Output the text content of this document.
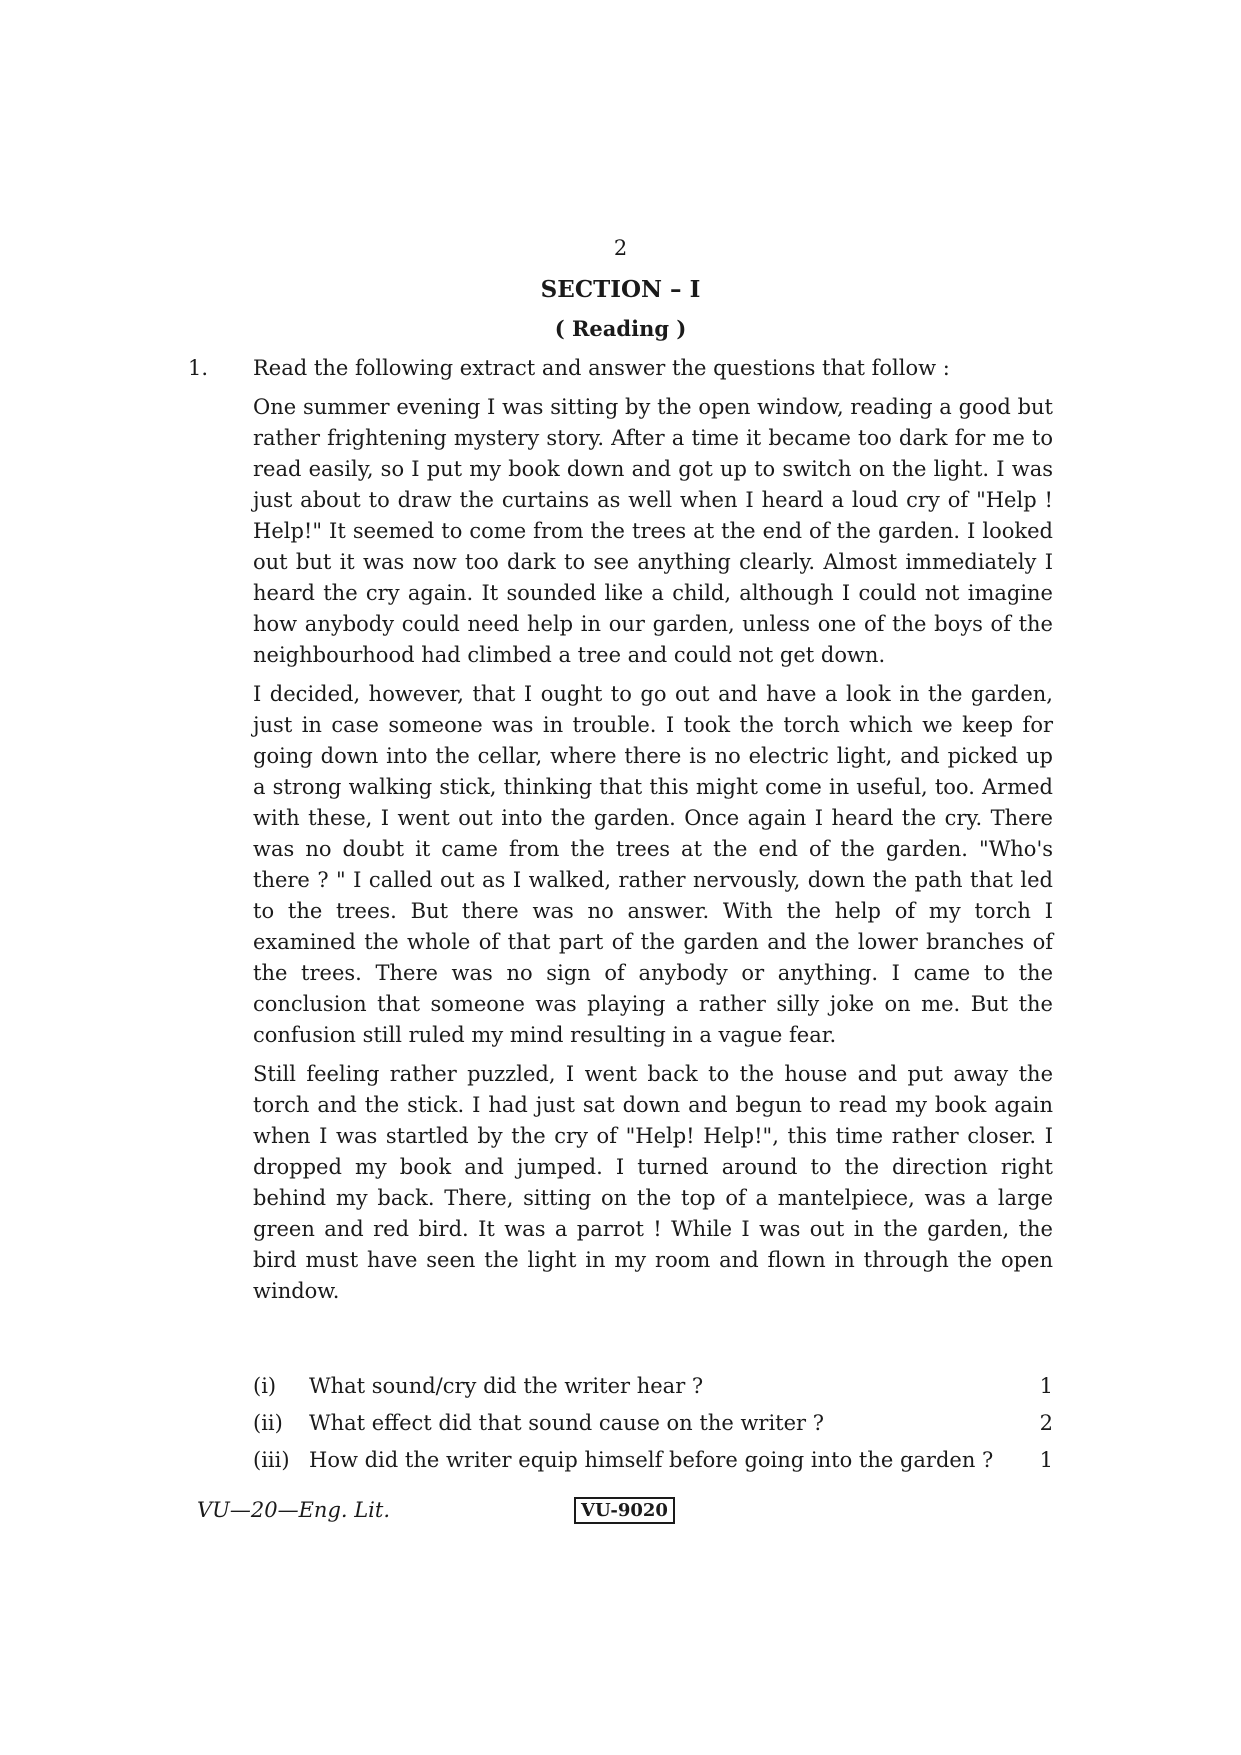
2
SECTION – I
( Reading )
1. Read the following extract and answer the questions that follow :

One summer evening I was sitting by the open window, reading a good but rather frightening mystery story. After a time it became too dark for me to read easily, so I put my book down and got up to switch on the light. I was just about to draw the curtains as well when I heard a loud cry of "Help ! Help!" It seemed to come from the trees at the end of the garden. I looked out but it was now too dark to see anything clearly. Almost immediately I heard the cry again. It sounded like a child, although I could not imagine how anybody could need help in our garden, unless one of the boys of the neighbourhood had climbed a tree and could not get down.

I decided, however, that I ought to go out and have a look in the garden, just in case someone was in trouble. I took the torch which we keep for going down into the cellar, where there is no electric light, and picked up a strong walking stick, thinking that this might come in useful, too. Armed with these, I went out into the garden. Once again I heard the cry. There was no doubt it came from the trees at the end of the garden. "Who's there ? " I called out as I walked, rather nervously, down the path that led to the trees. But there was no answer. With the help of my torch I examined the whole of that part of the garden and the lower branches of the trees. There was no sign of anybody or anything. I came to the conclusion that someone was playing a rather silly joke on me. But the confusion still ruled my mind resulting in a vague fear.

Still feeling rather puzzled, I went back to the house and put away the torch and the stick. I had just sat down and begun to read my book again when I was startled by the cry of "Help! Help!", this time rather closer. I dropped my book and jumped. I turned around to the direction right behind my back. There, sitting on the top of a mantelpiece, was a large green and red bird. It was a parrot ! While I was out in the garden, the bird must have seen the light in my room and flown in through the open window.

(i)	What sound/cry did the writer hear ?	1
(ii)	What effect did that sound cause on the writer ?	2
(iii) How did the writer equip himself before going into the garden ?	1
VU—20—Eng. Lit.	VU-9020
